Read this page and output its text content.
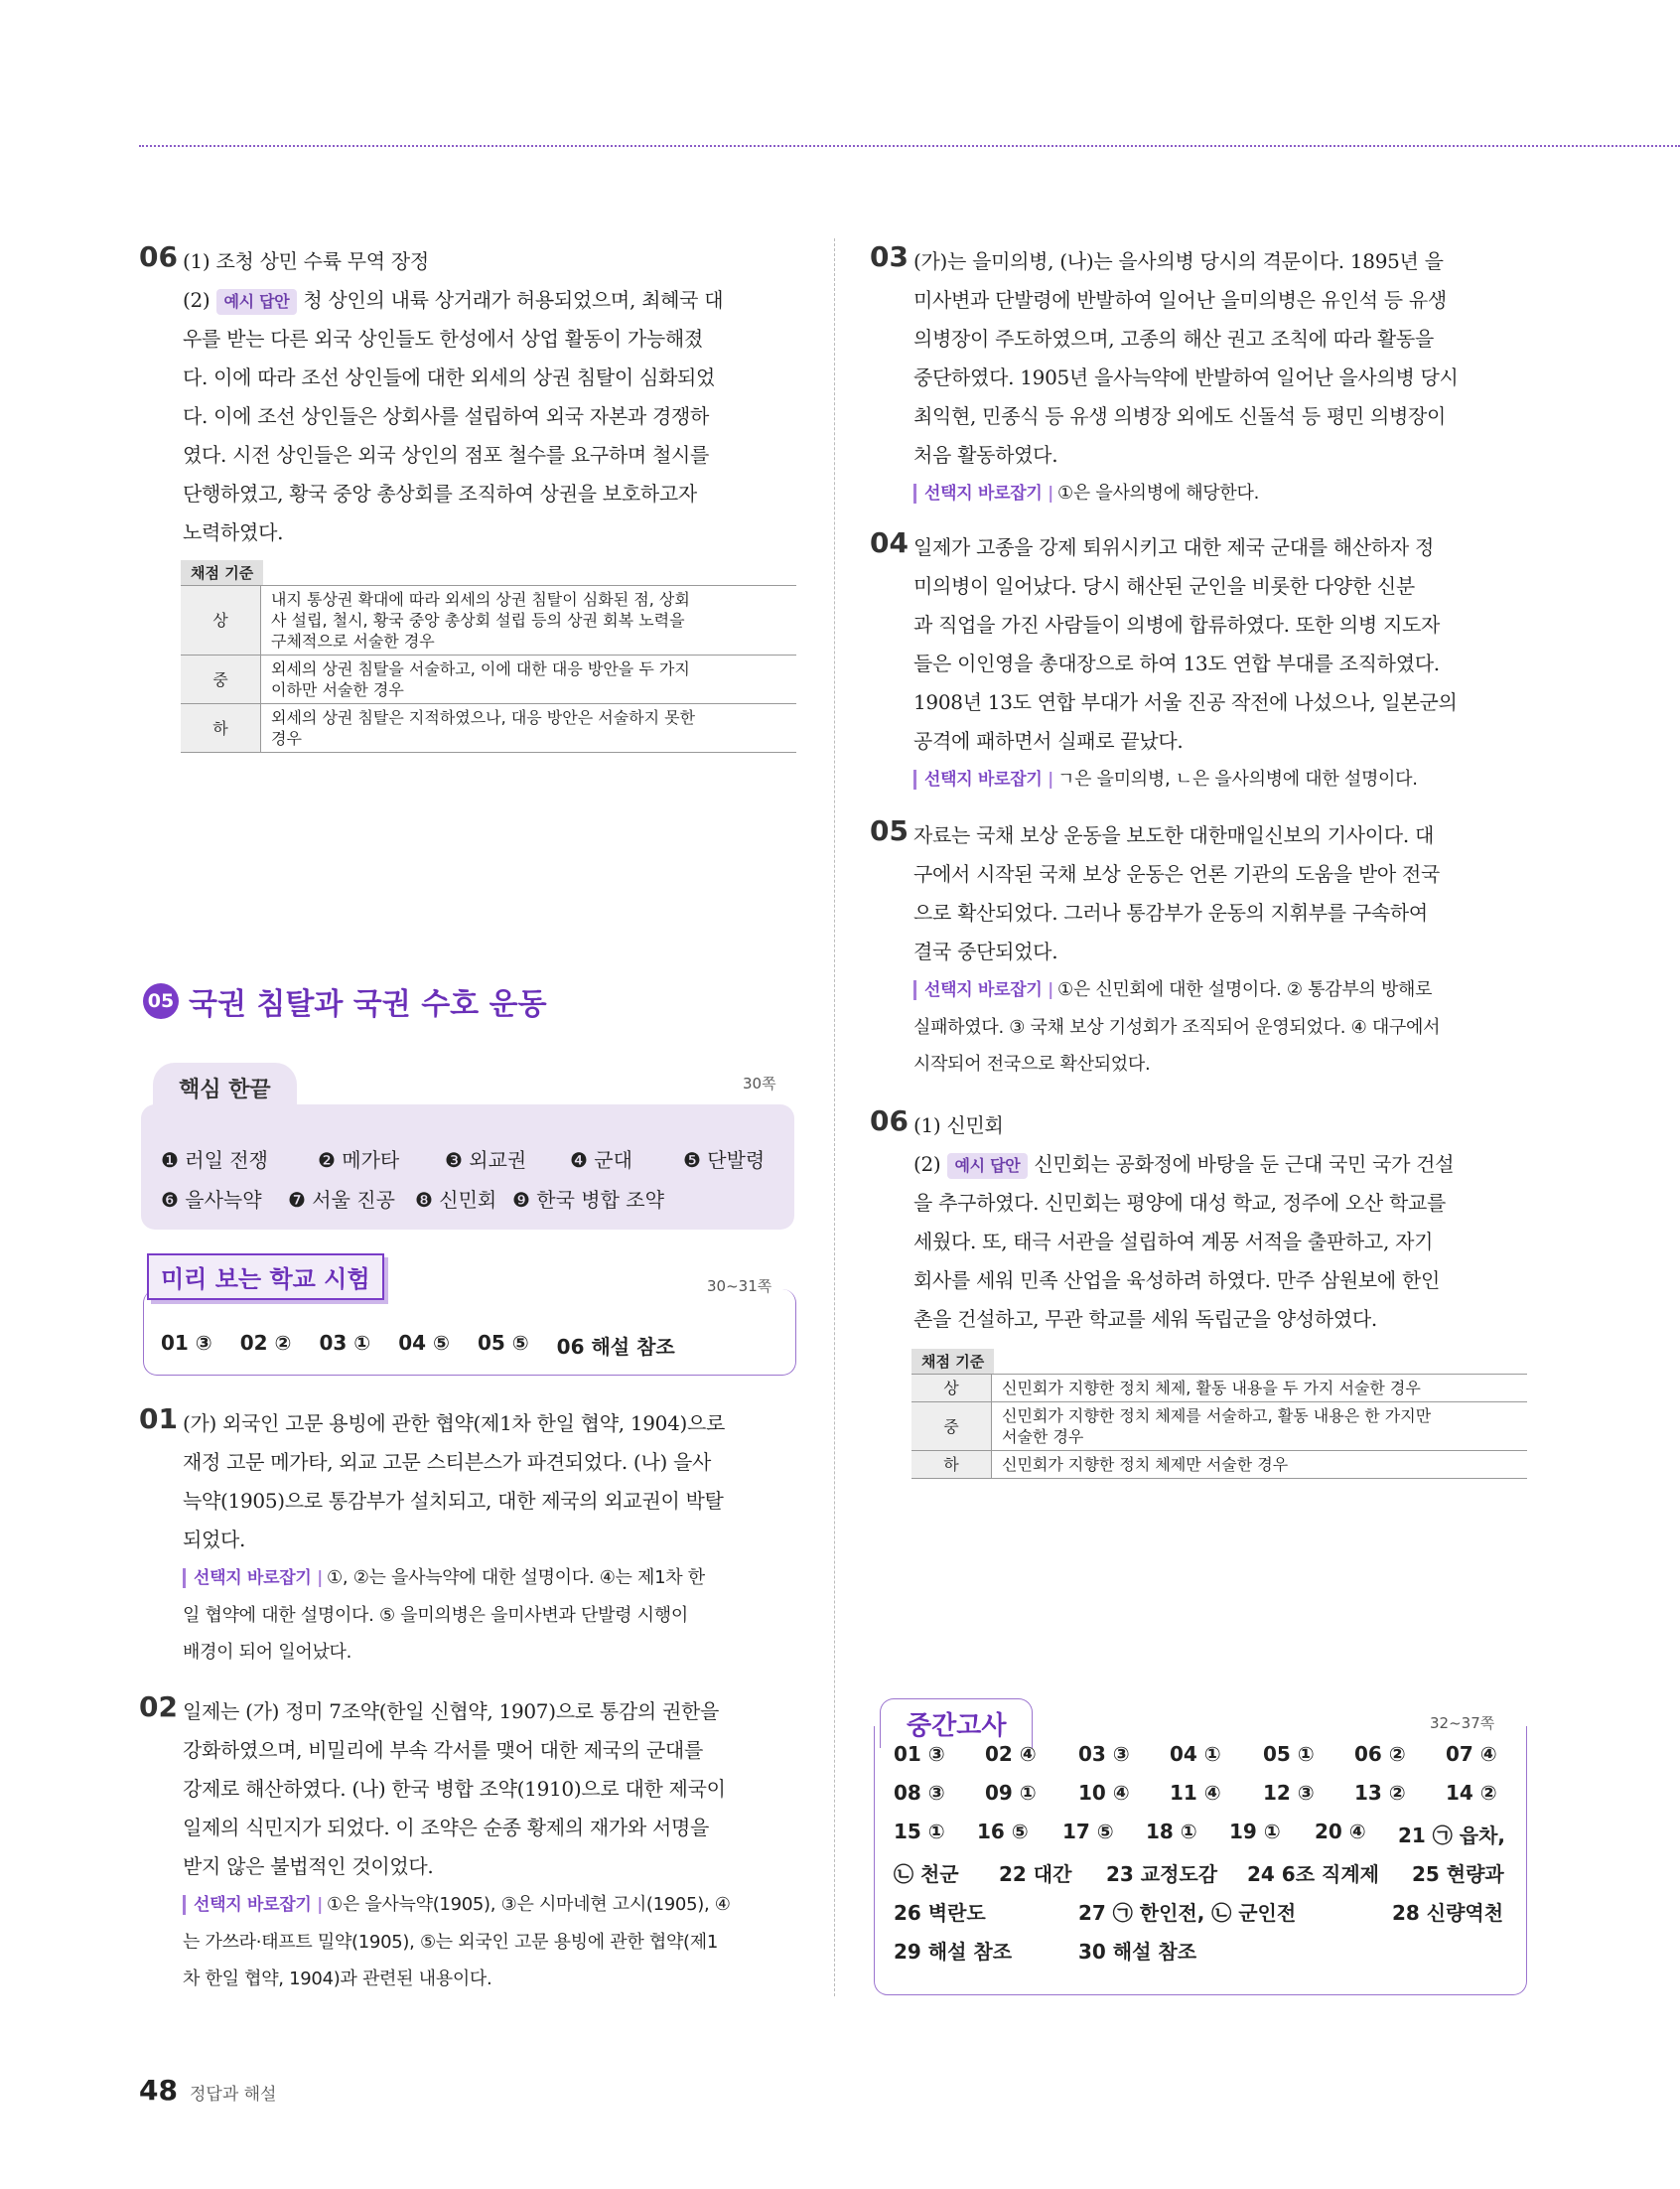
06 (1) 조청 상민 수륙 무역 장정
(2) 예시 답안 청 상인의 내륙 상거래가 허용되었으며, 최혜국 대
우를 받는 다른 외국 상인들도 한성에서 상업 활동이 가능해졌
다. 이에 따라 조선 상인들에 대한 외세의 상권 침탈이 심화되었
다. 이에 조선 상인들은 상회사를 설립하여 외국 자본과 경쟁하
였다. 시전 상인들은 외국 상인의 점포 철수를 요구하며 철시를
단행하였고, 황국 중앙 총상회를 조직하여 상권을 보호하고자
노력하였다.
채점 기준
상	내지 통상권 확대에 따라 외세의 상권 침탈이 심화된 점, 상회
사 설립, 철시, 황국 중앙 총상회 설립 등의 상권 회복 노력을
구체적으로 서술한 경우

중	외세의 상권 침탈을 서술하고, 이에 대한 대응 방안을 두 가지
이하만 서술한 경우

하	외세의 상권 침탈은 지적하였으나, 대응 방안은 서술하지 못한
경우
05 국권 침탈과 국권 수호 운동
핵심 한끝	30쪽
❶ 러일 전쟁	❷ 메가타	❸ 외교권	❹ 군대	❺ 단발령
❻ 을사늑약	❼ 서울 진공	❽ 신민회 ❾ 한국 병합 조약
미리 보는 학교 시험	30~31쪽
01 ③ 02 ② 03 ① 04 ⑤ 05 ⑤ 06 해설 참조
01 (가) 외국인 고문 용빙에 관한 협약(제1차 한일 협약, 1904)으로
재정 고문 메가타, 외교 고문 스티븐스가 파견되었다. (나) 을사
늑약(1905)으로 통감부가 설치되고, 대한 제국의 외교권이 박탈
되었다.
선택지 바로잡기 | ①, ②는 을사늑약에 대한 설명이다. ④는 제1차 한
일 협약에 대한 설명이다. ⑤ 을미의병은 을미사변과 단발령 시행이
배경이 되어 일어났다.
02 일제는 (가) 정미 7조약(한일 신협약, 1907)으로 통감의 권한을
강화하였으며, 비밀리에 부속 각서를 맺어 대한 제국의 군대를
강제로 해산하였다. (나) 한국 병합 조약(1910)으로 대한 제국이
일제의 식민지가 되었다. 이 조약은 순종 황제의 재가와 서명을
받지 않은 불법적인 것이었다.
선택지 바로잡기 | ①은 을사늑약(1905), ③은 시마네현 고시(1905), ④
는 가쓰라·태프트 밀약(1905), ⑤는 외국인 고문 용빙에 관한 협약(제1
차 한일 협약, 1904)과 관련된 내용이다.
03 (가)는 을미의병, (나)는 을사의병 당시의 격문이다. 1895년 을
미사변과 단발령에 반발하여 일어난 을미의병은 유인석 등 유생
의병장이 주도하였으며, 고종의 해산 권고 조칙에 따라 활동을
중단하였다. 1905년 을사늑약에 반발하여 일어난 을사의병 당시
최익현, 민종식 등 유생 의병장 외에도 신돌석 등 평민 의병장이
처음 활동하였다.
선택지 바로잡기 | ①은 을사의병에 해당한다.
04 일제가 고종을 강제 퇴위시키고 대한 제국 군대를 해산하자 정
미의병이 일어났다. 당시 해산된 군인을 비롯한 다양한 신분
과 직업을 가진 사람들이 의병에 합류하였다. 또한 의병 지도자
들은 이인영을 총대장으로 하여 13도 연합 부대를 조직하였다.
1908년 13도 연합 부대가 서울 진공 작전에 나섰으나, 일본군의
공격에 패하면서 실패로 끝났다.
선택지 바로잡기 | ㄱ은 을미의병, ㄴ은 을사의병에 대한 설명이다.
05 자료는 국채 보상 운동을 보도한 대한매일신보의 기사이다. 대
구에서 시작된 국채 보상 운동은 언론 기관의 도움을 받아 전국
으로 확산되었다. 그러나 통감부가 운동의 지휘부를 구속하여
결국 중단되었다.
선택지 바로잡기 | ①은 신민회에 대한 설명이다. ② 통감부의 방해로
실패하였다. ③ 국채 보상 기성회가 조직되어 운영되었다. ④ 대구에서
시작되어 전국으로 확산되었다.
06 (1) 신민회
(2) 예시 답안 신민회는 공화정에 바탕을 둔 근대 국민 국가 건설
을 추구하였다. 신민회는 평양에 대성 학교, 정주에 오산 학교를
세웠다. 또, 태극 서관을 설립하여 계몽 서적을 출판하고, 자기
회사를 세워 민족 산업을 육성하려 하였다. 만주 삼원보에 한인
촌을 건설하고, 무관 학교를 세워 독립군을 양성하였다.
채점 기준
상	신민회가 지향한 정치 체제, 활동 내용을 두 가지 서술한 경우

중	신민회가 지향한 정치 체제를 서술하고, 활동 내용은 한 가지만
서술한 경우

하	신민회가 지향한 정치 체제만 서술한 경우
중간고사	32~37쪽
01 ③ 02 ④ 03 ③ 04 ① 05 ① 06 ② 07 ④
08 ③ 09 ① 10 ④ 11 ④ 12 ③ 13 ② 14 ②
15 ① 16 ⑤ 17 ⑤ 18 ① 19 ① 20 ④ 21 ㉠ 읍차,
㉡ 천군 22 대간 23 교정도감 24 6조 직계제 25 현량과
26 벽란도	27 ㉠ 한인전, ㉡ 군인전	28 신량역천
29 해설 참조	30 해설 참조
48 정답과 해설
